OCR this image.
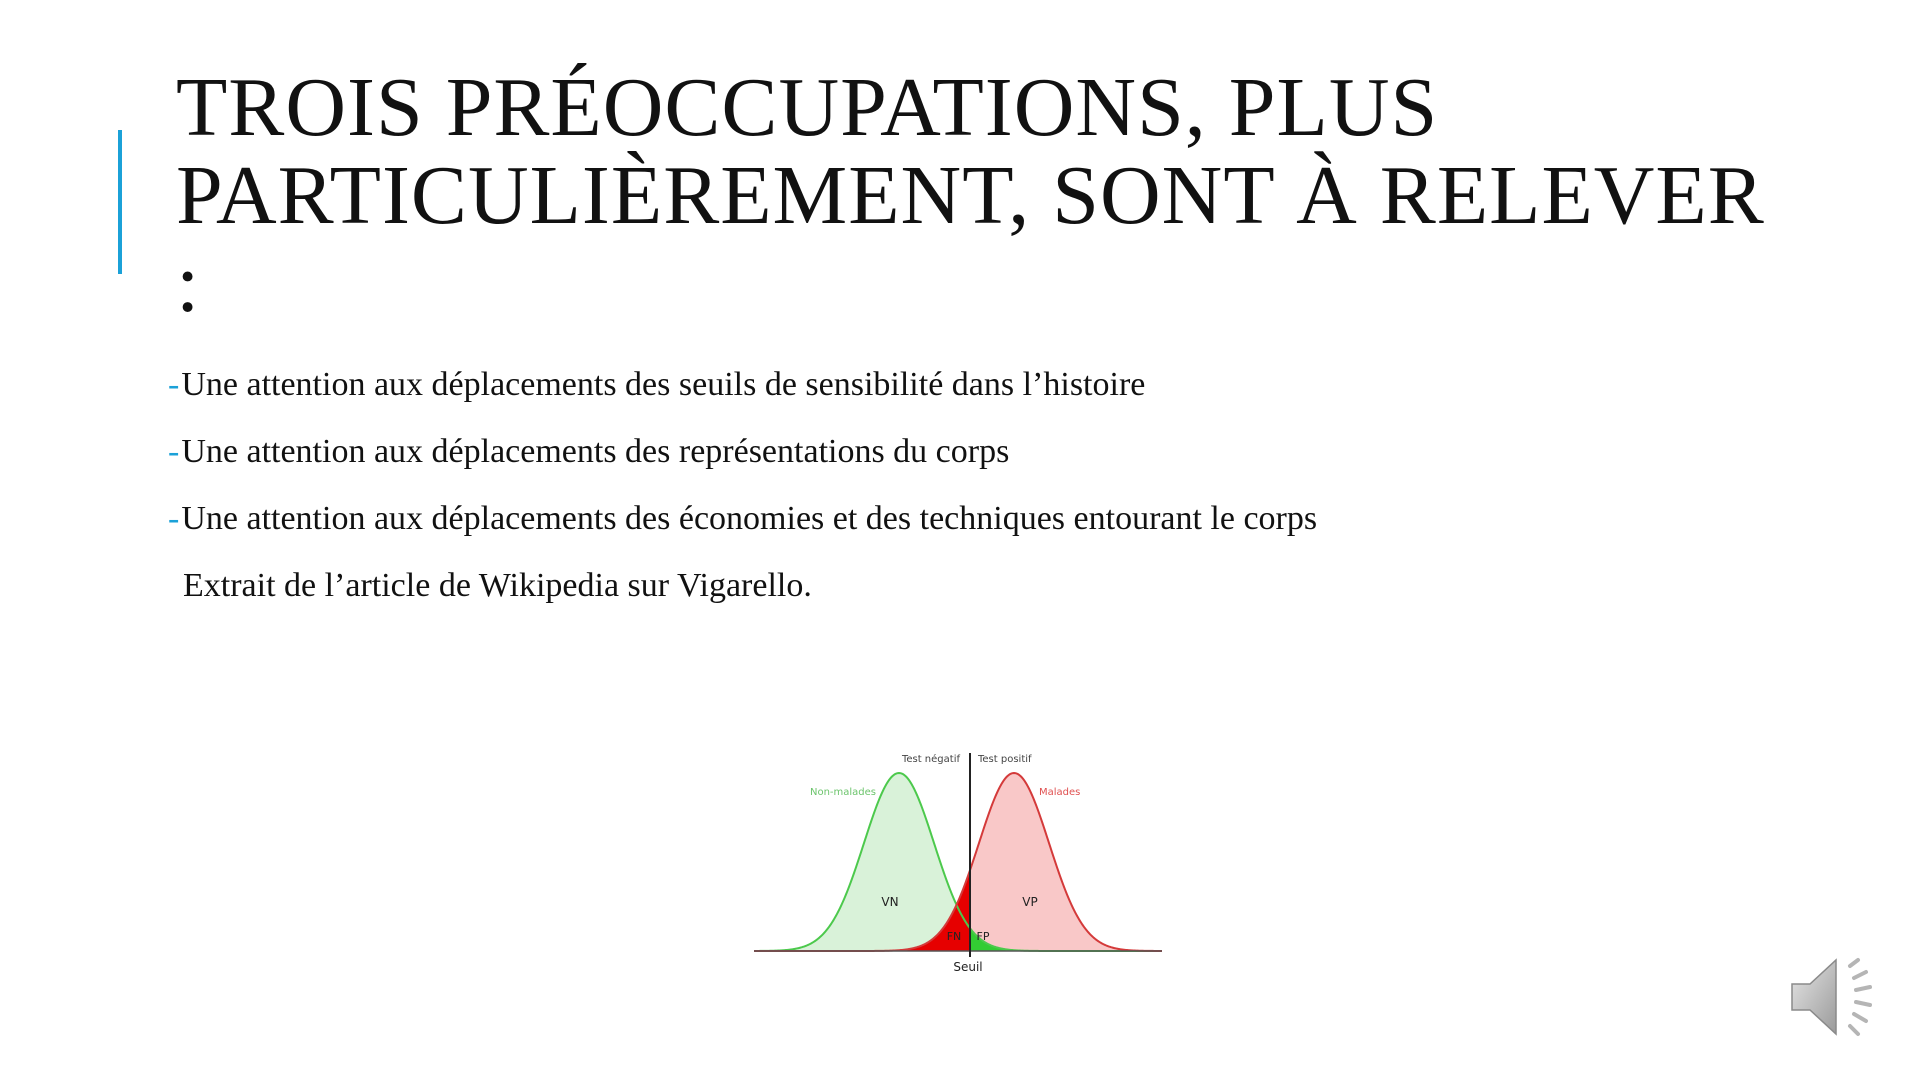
TROIS PRÉOCCUPATIONS, PLUS PARTICULIÈREMENT, SONT À RELEVER :
-Une attention aux déplacements des seuils de sensibilité dans l’histoire
-Une attention aux déplacements des représentations du corps
-Une attention aux déplacements des économies et des techniques entourant le corps
Extrait de l’article de Wikipedia sur Vigarello.
Test négatif Test positif
Non-malades	Malades
VN	VP
FN FP
Seuil
